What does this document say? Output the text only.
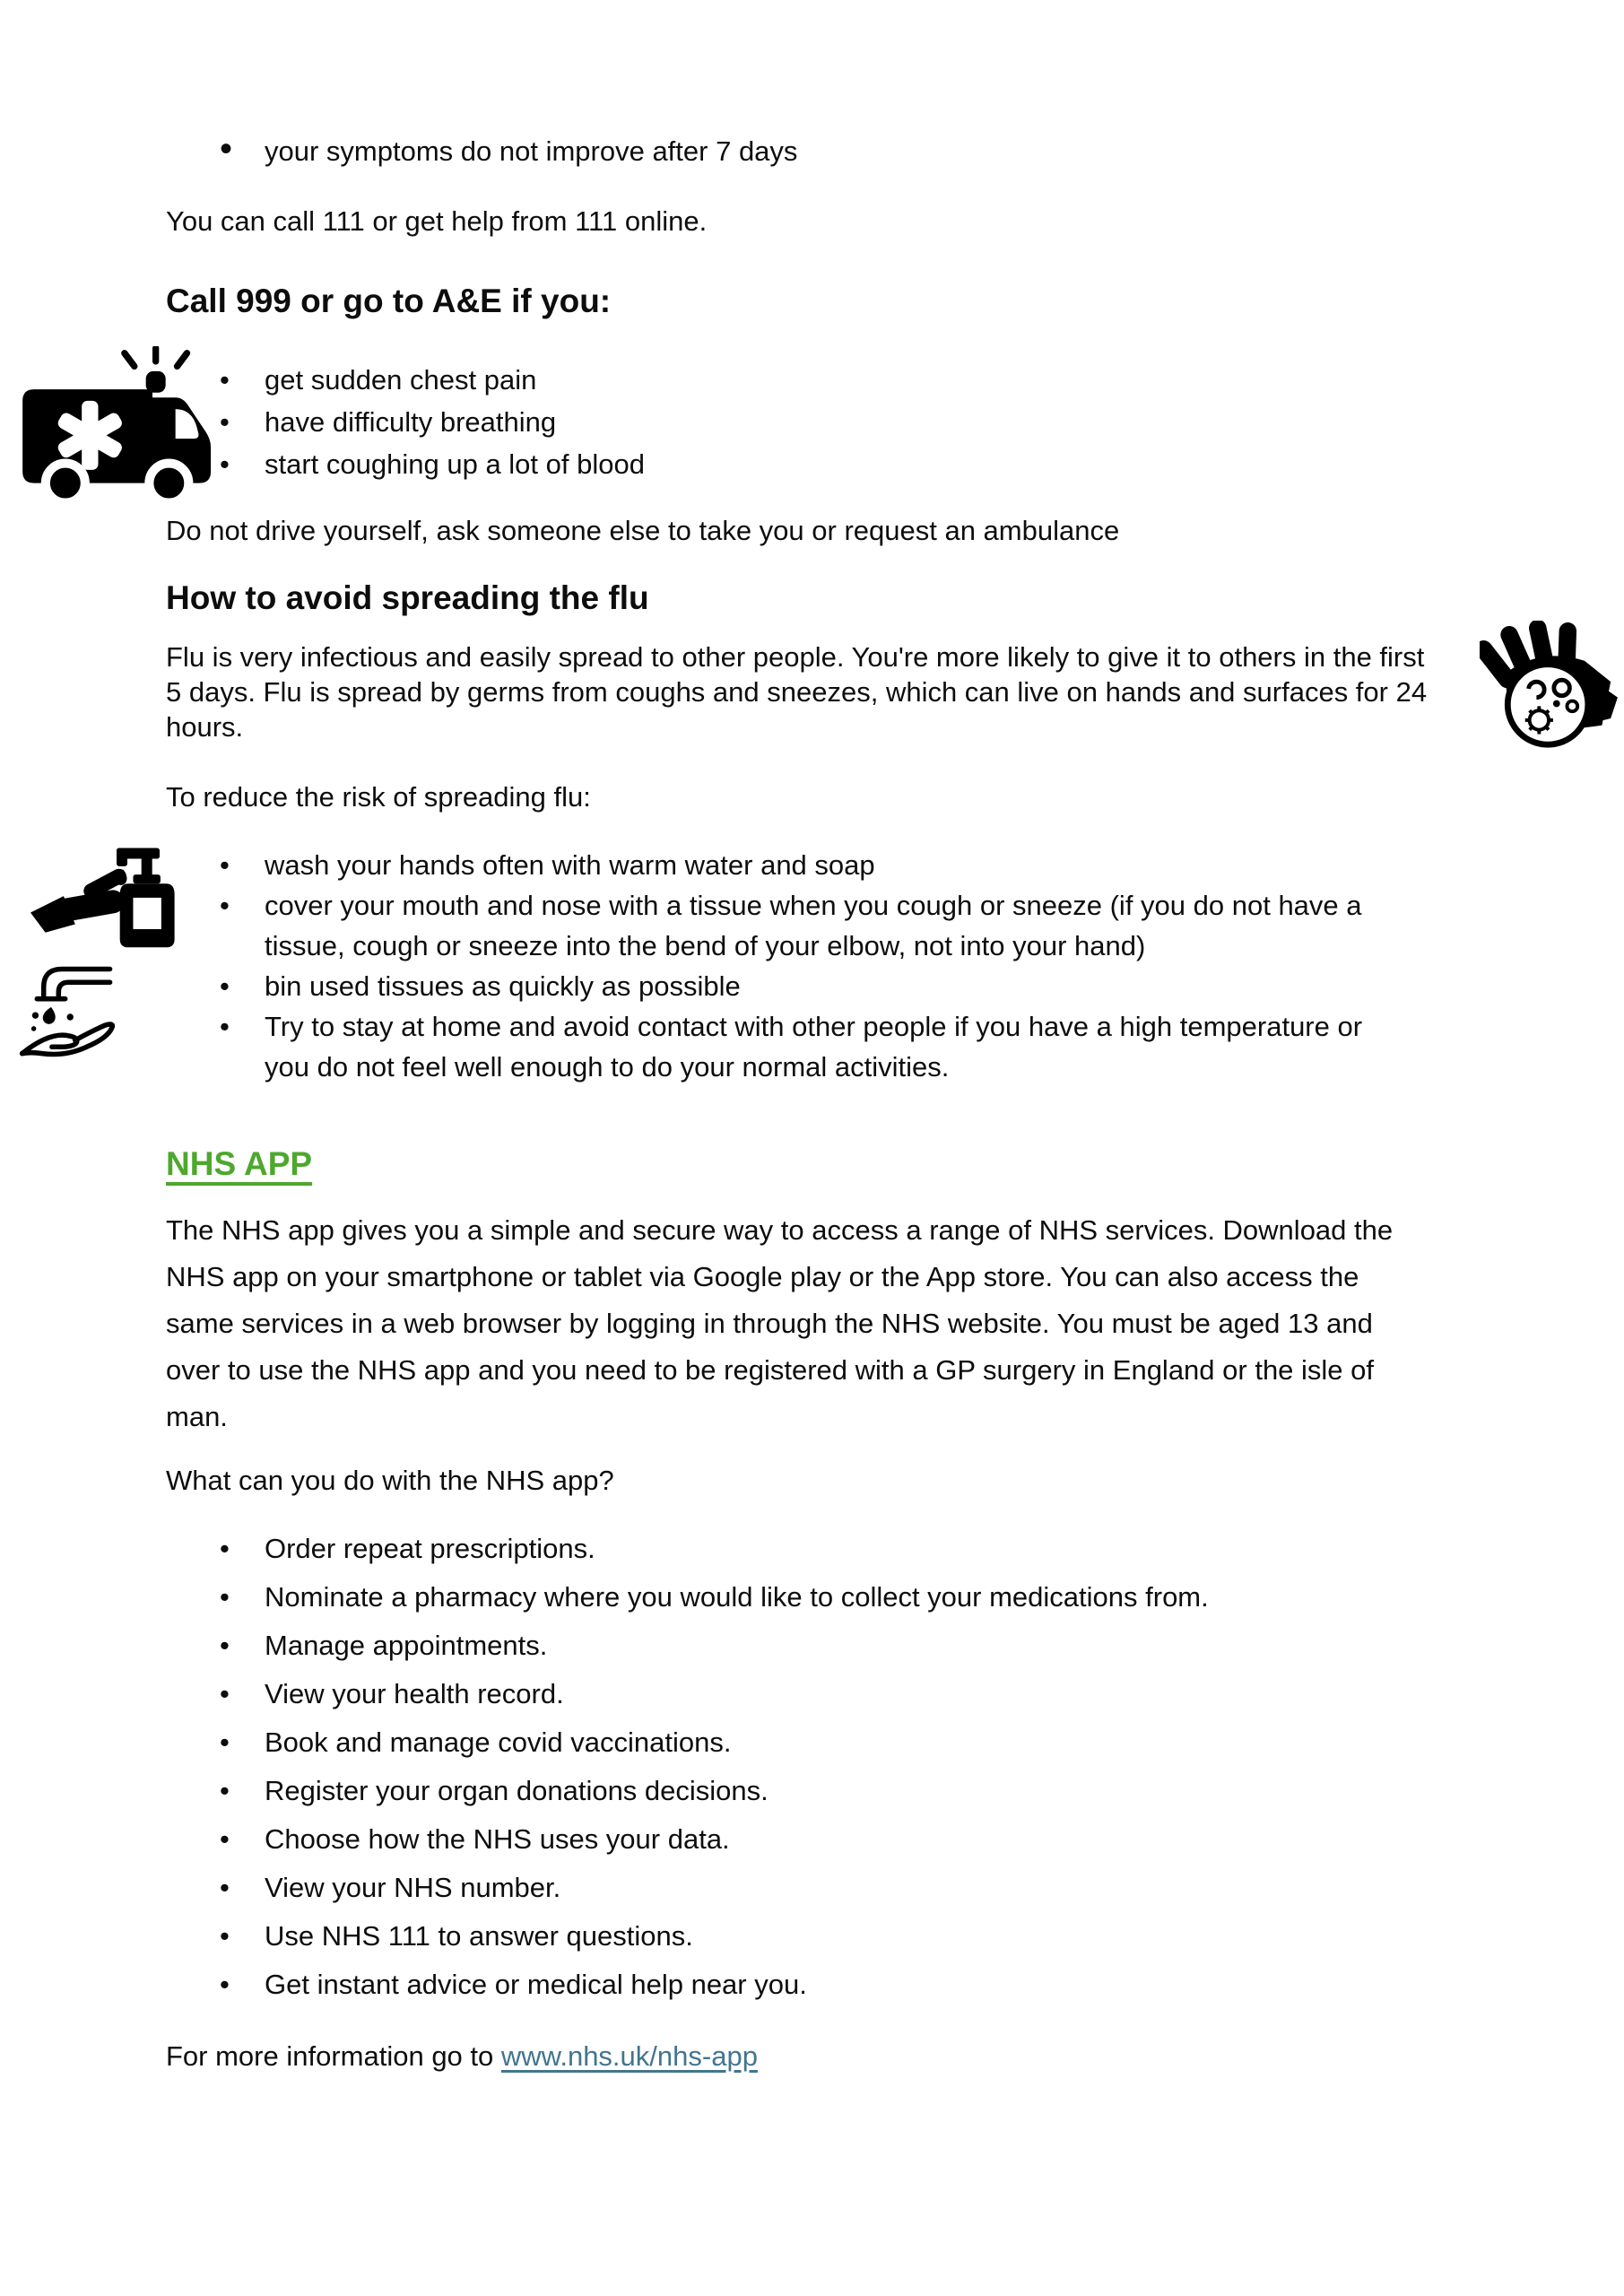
• your symptoms do not improve after 7 days

You can call 111 or get help from 111 online.

Call 999 or go to A&E if you:
• get sudden chest pain
• have difficulty breathing
• start coughing up a lot of blood

Do not drive yourself, ask someone else to take you or request an ambulance

How to avoid spreading the flu

Flu is very infectious and easily spread to other people. You're more likely to give it to others in the first 5 days. Flu is spread by germs from coughs and sneezes, which can live on hands and surfaces for 24 hours.

To reduce the risk of spreading flu:

• wash your hands often with warm water and soap
• cover your mouth and nose with a tissue when you cough or sneeze (if you do not have a tissue, cough or sneeze into the bend of your elbow, not into your hand)
• bin used tissues as quickly as possible
• Try to stay at home and avoid contact with other people if you have a high temperature or you do not feel well enough to do your normal activities.
NHS APP

The NHS app gives you a simple and secure way to access a range of NHS services. Download the NHS app on your smartphone or tablet via Google play or the App store. You can also access the same services in a web browser by logging in through the NHS website. You must be aged 13 and over to use the NHS app and you need to be registered with a GP surgery in England or the isle of man.

What can you do with the NHS app?

• Order repeat prescriptions.
• Nominate a pharmacy where you would like to collect your medications from.
• Manage appointments.
• View your health record.
• Book and manage covid vaccinations.
• Register your organ donations decisions.
• Choose how the NHS uses your data.
• View your NHS number.
• Use NHS 111 to answer questions.
• Get instant advice or medical help near you.

For more information go to www.nhs.uk/nhs-app
